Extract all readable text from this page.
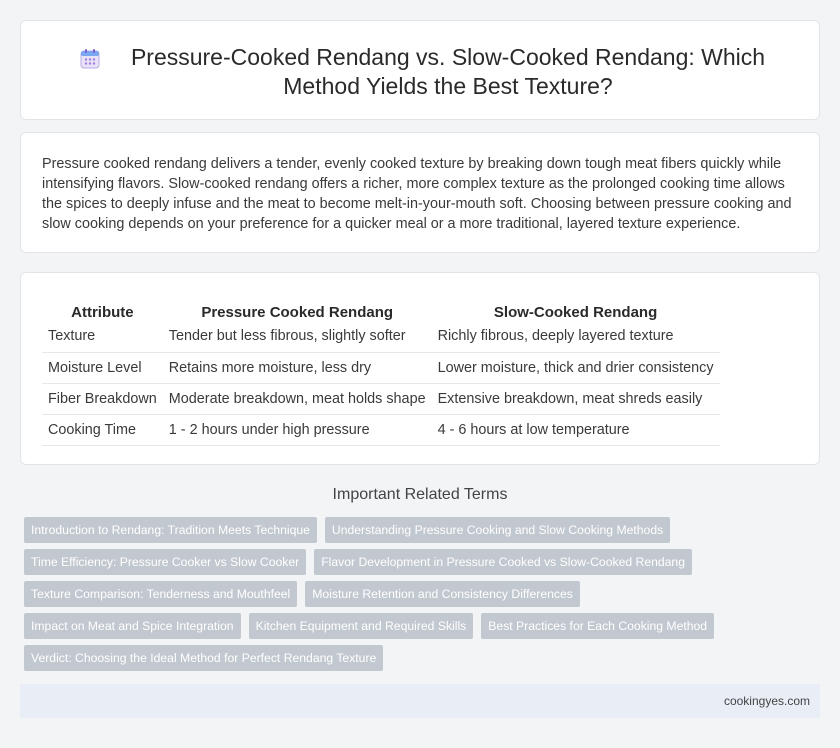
Pressure-Cooked Rendang vs. Slow-Cooked Rendang: Which Method Yields the Best Texture?

Pressure cooked rendang delivers a tender, evenly cooked texture by breaking down tough meat fibers quickly while intensifying flavors. Slow-cooked rendang offers a richer, more complex texture as the prolonged cooking time allows the spices to deeply infuse and the meat to become melt-in-your-mouth soft. Choosing between pressure cooking and slow cooking depends on your preference for a quicker meal or a more traditional, layered texture experience.

Attribute	Pressure Cooked Rendang	Slow-Cooked Rendang
Texture	Tender but less fibrous, slightly softer	Richly fibrous, deeply layered texture
Moisture Level	Retains more moisture, less dry	Lower moisture, thick and drier consistency
Fiber Breakdown	Moderate breakdown, meat holds shape	Extensive breakdown, meat shreds easily
Cooking Time	1 - 2 hours under high pressure	4 - 6 hours at low temperature
Important Related Terms
Introduction to Rendang: Tradition Meets Technique	Understanding Pressure Cooking and Slow Cooking Methods
Time Efficiency: Pressure Cooker vs Slow Cooker	Flavor Development in Pressure Cooked vs Slow-Cooked Rendang
Texture Comparison: Tenderness and Mouthfeel	Moisture Retention and Consistency Differences
Impact on Meat and Spice Integration	Kitchen Equipment and Required Skills	Best Practices for Each Cooking Method
Verdict: Choosing the Ideal Method for Perfect Rendang Texture
cookingyes.com
